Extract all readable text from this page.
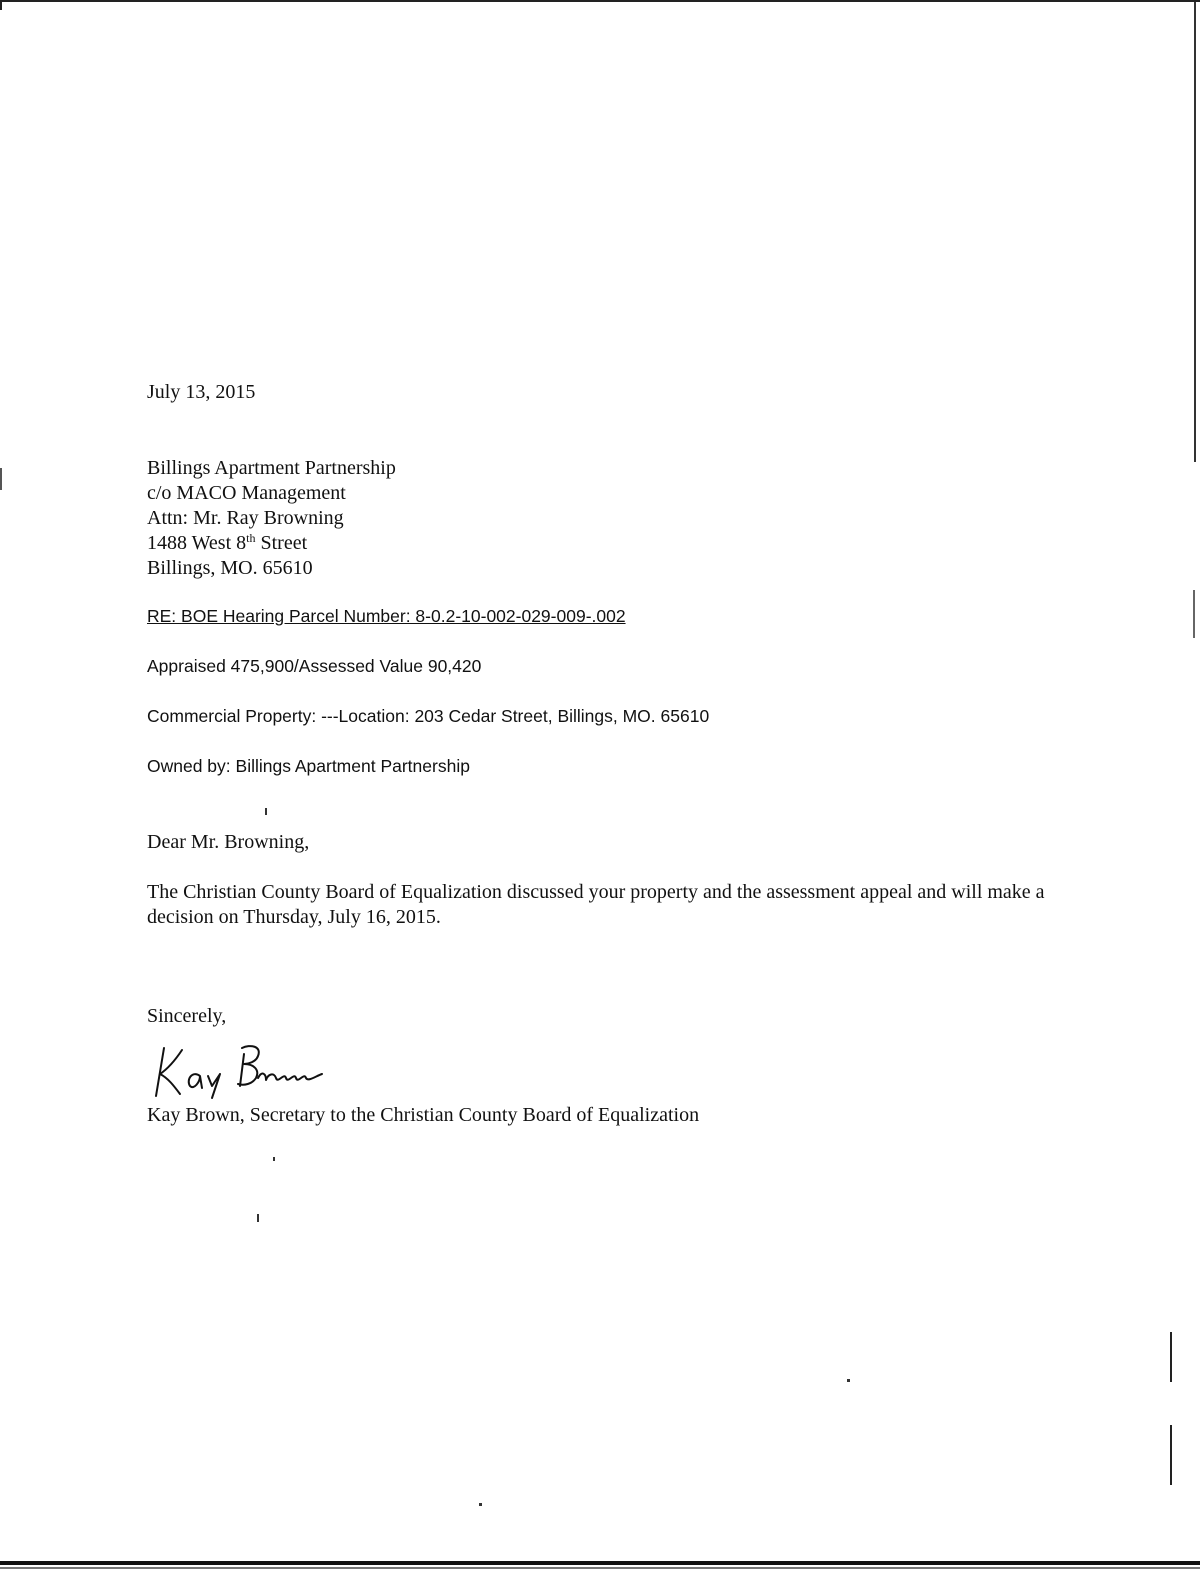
July 13, 2015
Billings Apartment Partnership
c/o MACO Management
Attn: Mr. Ray Browning
1488 West 8th Street
Billings, MO. 65610
RE: BOE Hearing Parcel Number: 8-0.2-10-002-029-009-.002
Appraised 475,900/Assessed Value 90,420
Commercial Property: ---Location: 203 Cedar Street, Billings, MO. 65610
Owned by: Billings Apartment Partnership
Dear Mr. Browning,
The Christian County Board of Equalization discussed your property and the assessment appeal and will make a decision on Thursday, July 16, 2015.
Sincerely,
Kay Brown, Secretary to the Christian County Board of Equalization
